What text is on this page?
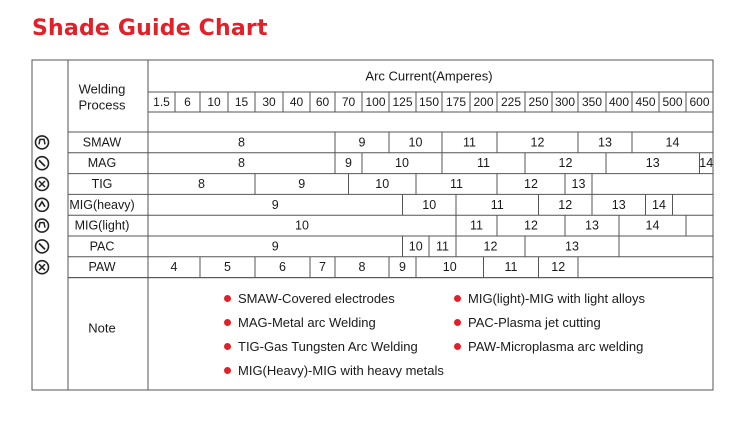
Shade Guide Chart
Welding
Process
Arc Current(Amperes)
1.5 6 10 15 30 40 60 70 100 125 150 175 200 225 250 300 350 400 450 500 600
SMAW	8	9	10	11	12	13	14
MAG	8	9	10	11	12	13	14
TIG	8	9	10	11	12	13
MIG(heavy)	9	10	11	12	13 14
MIG(light)	10	11	12	13	14
PAC	9	10 11	12	13
PAW	4	5	6	7	8	9	10	11	12
Note
SMAW-Covered electrodes
MAG-Metal arc Welding
TIG-Gas Tungsten Arc Welding
MIG(Heavy)-MIG with heavy metals
MIG(light)-MIG with light alloys
PAC-Plasma jet cutting
PAW-Microplasma arc welding
